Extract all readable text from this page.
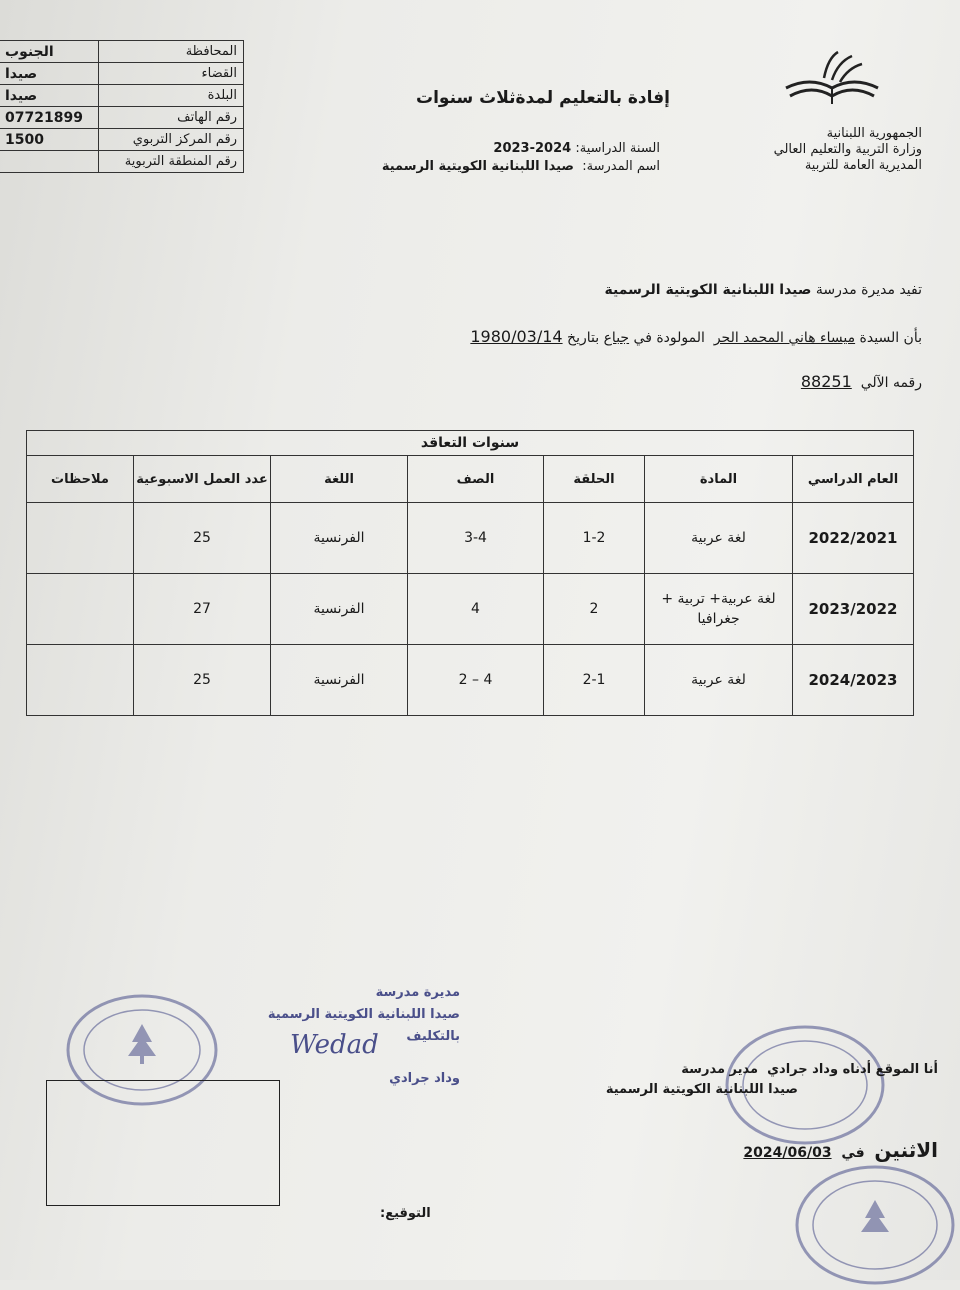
المحافظة	الجنوب
القضاء	صيدا
البلدة	صيدا
رقم الهاتف	07721899
رقم المركز التربوي	1500
رقم المنطقة التربوية	
إفادة بالتعليم لمدةثلاث سنوات
الجمهورية اللبنانية
وزارة التربية والتعليم العالي
المديرية العامة للتربية
السنة الدراسية: 2024-2023
اسم المدرسة:  صيدا اللبنانية الكويتية الرسمية
تفيد مديرة مدرسة صيدا اللبنانية الكويتية الرسمية
بأن السيدة ميساء هاني المحمد الحر  المولودة في جباع بتاريخ 1980/03/14
رقمه الآلي  88251
سنوات التعاقد						
العام الدراسي	المادة	الحلقة	الصف	اللغة	عدد العمل الاسبوعية	ملاحظات
2022/2021	لغة عربية	1-2	3-4	الفرنسية	25	
2023/2022	لغة عربية+ تربية + جغرافيا	2	4	الفرنسية	27	
2024/2023	لغة عربية	2-1	4 – 2	الفرنسية	25	
مديرة مدرسة
صيدا اللبنانية الكويتية الرسمية بالتكليف
وداد جرادي
Wedad
أنا الموقع أدناه وداد جرادي  مدير مدرسة
صيدا اللبنانية الكويتية الرسمية
الاثنين  في  2024/06/03
التوقيع:
